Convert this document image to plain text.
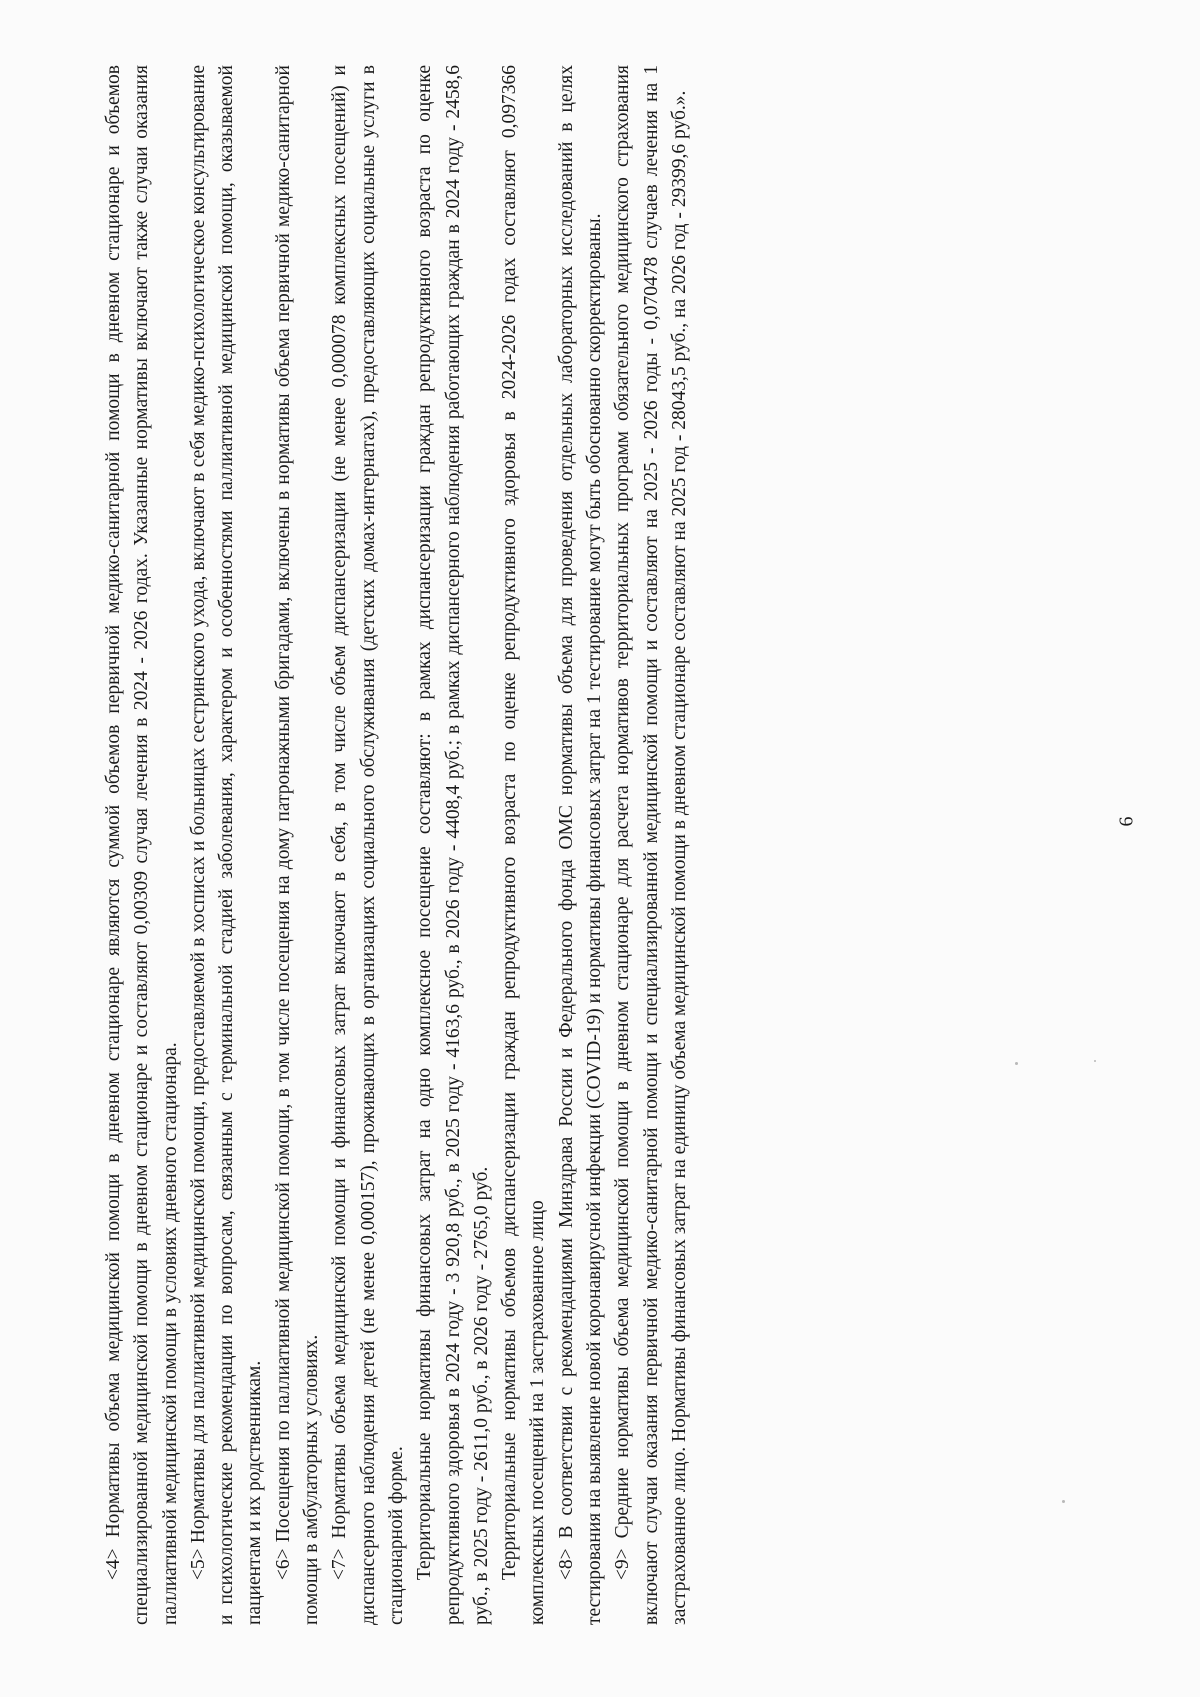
<4> Нормативы объема медицинской помощи в дневном стационаре являются суммой объемов первичной медико-санитарной помощи в дневном стационаре и объемов специализированной медицинской помощи в дневном стационаре и составляют 0,00309 случая лечения в 2024 - 2026 годах. Указанные нормативы включают также случаи оказания паллиативной медицинской помощи в условиях дневного стационара. <5> Нормативы для паллиативной медицинской помощи, предоставляемой в хосписах и больницах сестринского ухода, включают в себя медико-психологическое консультирование и психологические рекомендации по вопросам, связанным с терминальной стадией заболевания, характером и особенностями паллиативной медицинской помощи, оказываемой пациентам и их родственникам. <6> Посещения по паллиативной медицинской помощи, в том числе посещения на дому патронажными бригадами, включены в нормативы объема первичной медико-санитарной помощи в амбулаторных условиях. <7> Нормативы объема медицинской помощи и финансовых затрат включают в себя, в том числе объем диспансеризации (не менее 0,000078 комплексных посещений) и диспансерного наблюдения детей (не менее 0,000157), проживающих в организациях социального обслуживания (детских домах-интернатах), предоставляющих социальные услуги в стационарной форме. Территориальные нормативы финансовых затрат на одно комплексное посещение составляют: в рамках диспансеризации граждан репродуктивного возраста по оценке репродуктивного здоровья в 2024 году - 3 920,8 руб., в 2025 году - 4163,6 руб., в 2026 году - 4408,4 руб.; в рамках диспансерного наблюдения работающих граждан в 2024 году - 2458,6 руб., в 2025 году - 2611,0 руб., в 2026 году - 2765,0 руб. Территориальные нормативы объемов диспансеризации граждан репродуктивного возраста по оценке репродуктивного здоровья в 2024-2026 годах составляют 0,097366 комплексных посещений на 1 застрахованное лицо <8> В соответствии с рекомендациями Минздрава России и Федерального фонда ОМС нормативы объема для проведения отдельных лабораторных исследований в целях тестирования на выявление новой коронавирусной инфекции (COVID-19) и нормативы финансовых затрат на 1 тестирование могут быть обоснованно скорректированы. <9> Средние нормативы объема медицинской помощи в дневном стационаре для расчета нормативов территориальных программ обязательного медицинского страхования включают случаи оказания первичной медико-санитарной помощи и специализированной медицинской помощи и составляют на 2025 - 2026 годы - 0,070478 случаев лечения на 1 застрахованное лицо. Нормативы финансовых затрат на единицу объема медицинской помощи в дневном стационаре составляют на 2025 год - 28043,5 руб., на 2026 год - 29399,6 руб.».	6
